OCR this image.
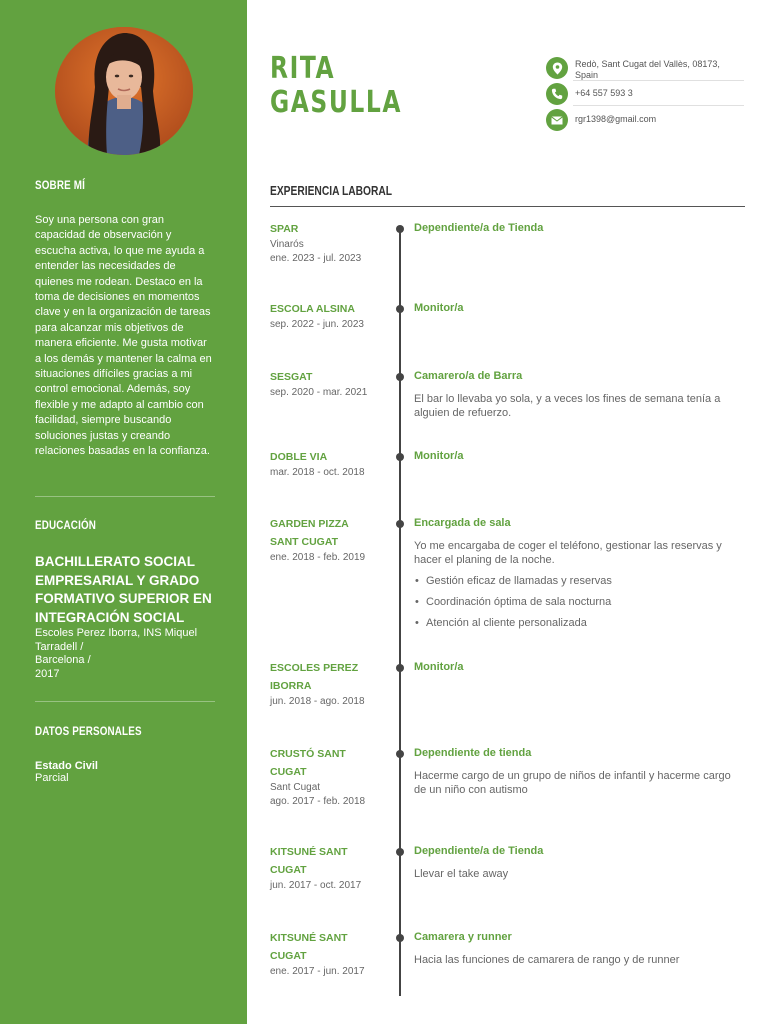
SOBRE MÍ

Soy una persona con gran capacidad de observación y escucha activa, lo que me ayuda a entender las necesidades de quienes me rodean. Destaco en la toma de decisiones en momentos clave y en la organización de tareas para alcanzar mis objetivos de manera eficiente. Me gusta motivar a los demás y mantener la calma en situaciones difíciles gracias a mi control emocional. Además, soy flexible y me adapto al cambio con facilidad, siempre buscando soluciones justas y creando relaciones basadas en la confianza.

EDUCACIÓN
BACHILLERATO SOCIAL EMPRESARIAL Y GRADO FORMATIVO SUPERIOR EN INTEGRACIÓN SOCIAL
Escoles Perez Iborra, INS Miquel Tarradell /
Barcelona /
2017
DATOS PERSONALES
Estado Civil
Parcial
RITA
GASULLA
Redò, Sant Cugat del Vallès, 08173, Spain
+64 557 593 3
rgr1398@gmail.com
EXPERIENCIA LABORAL
SPAR
Vinarós
ene. 2023 - jul. 2023
Dependiente/a de Tienda
ESCOLA ALSINA
sep. 2022 - jun. 2023
Monitor/a
SESGAT
sep. 2020 - mar. 2021
Camarero/a de Barra
El bar lo llevaba yo sola, y a veces los fines de semana tenía a alguien de refuerzo.
DOBLE VIA
mar. 2018 - oct. 2018
Monitor/a
GARDEN PIZZA
SANT CUGAT
ene. 2018 - feb. 2019
Encargada de sala
Yo me encargaba de coger el teléfono, gestionar las reservas y hacer el planing de la noche.
• Gestión eficaz de llamadas y reservas
• Coordinación óptima de sala nocturna
• Atención al cliente personalizada
ESCOLES PEREZ
IBORRA
jun. 2018 - ago. 2018
Monitor/a
CRUSTÓ SANT
CUGAT
Sant Cugat
ago. 2017 - feb. 2018
Dependiente de tienda
Hacerme cargo de un grupo de niños de infantil y hacerme cargo de un niño con autismo
KITSUNÉ SANT
CUGAT
jun. 2017 - oct. 2017
Dependiente/a de Tienda
Llevar el take away
KITSUNÉ SANT
CUGAT
ene. 2017 - jun. 2017
Camarera y runner
Hacia las funciones de camarera de rango y de runner
